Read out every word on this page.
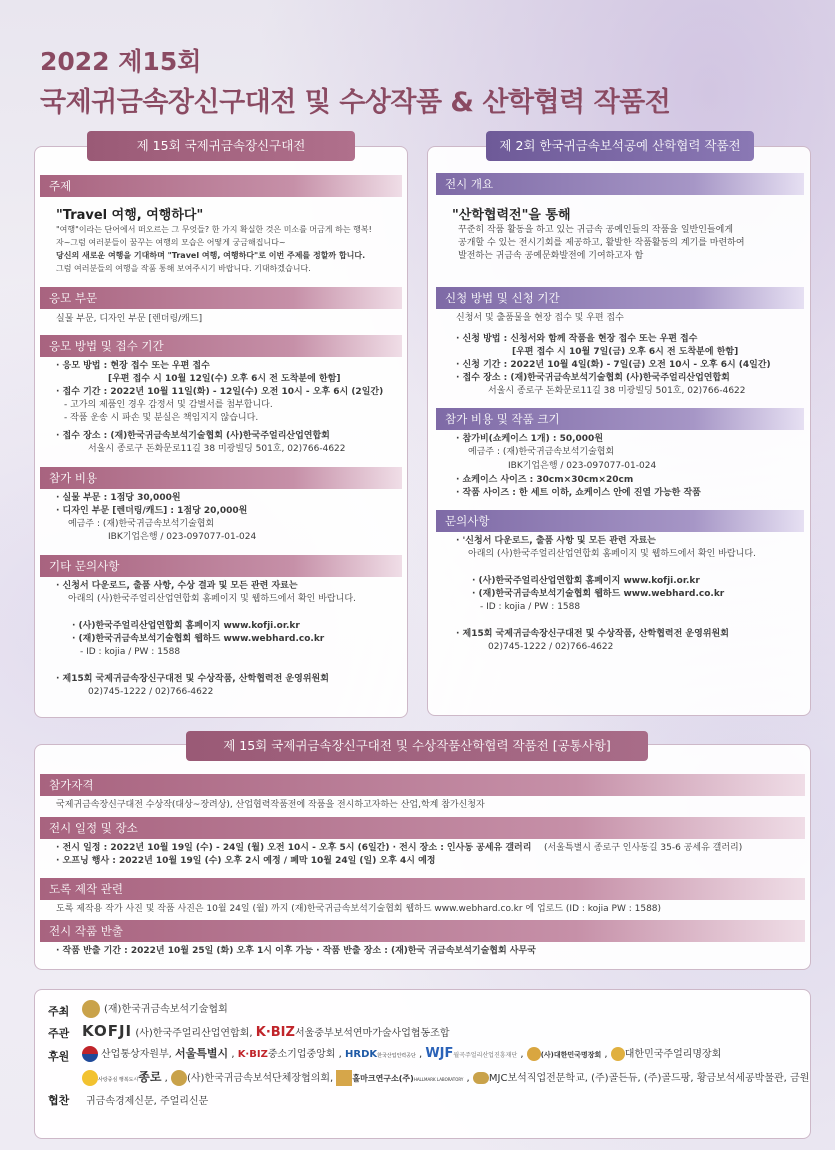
2022 제15회
국제귀금속장신구대전 및 수상작품 & 산학협력 작품전
제 15회 국제귀금속장신구대전
주제
"Travel 여행, 여행하다"
"여행"이라는 단어에서 떠오르는 그 무엇들? 한 가지 확실한 것은 미소를 머금게 하는 행복!
자~그럼 여러분들이 꿈꾸는 여행의 모습은 어떻게 궁금해집니다~
당신의 새로운 여행을 기대하며 "Travel 여행, 여행하다"로 이번 주제를 정할까 합니다.
그럼 여러분들의 여행을 작품 통해 보여주시기 바랍니다. 기대하겠습니다.
응모 부문
실물 부문, 디자인 부문 [렌더링/캐드]
응모 방법 및 접수 기간
· 응모 방법 : 현장 접수 또는 우편 접수
[우편 접수 시 10월 12일(수) 오후 6시 전 도착분에 한함]
· 접수 기간 : 2022년 10월 11일(화) - 12일(수) 오전 10시 - 오후 6시 (2일간)
- 고가의 제품인 경우 감정서 및 감별서를 첨부합니다.
- 작품 운송 시 파손 및 분실은 책임지지 않습니다.
· 접수 장소 : (재)한국귀금속보석기술협회 (사)한국주얼리산업연합회
서울시 종로구 돈화문로11길 38 미광빌딩 501호, 02)766-4622
참가 비용
· 실물 부문 : 1점당 30,000원
· 디자인 부문 [렌더링/캐드] : 1점당 20,000원
예금주 : (재)한국귀금속보석기술협회
IBK기업은행 / 023-097077-01-024
기타 문의사항
· 신청서 다운로드, 출품 사항, 수상 결과 및 모든 관련 자료는
아래의 (사)한국주얼리산업연합회 홈페이지 및 웹하드에서 확인 바랍니다.
· (사)한국주얼리산업연합회 홈페이지 www.kofji.or.kr
· (재)한국귀금속보석기술협회 웹하드 www.webhard.co.kr
- ID : kojia / PW : 1588
· 제15회 국제귀금속장신구대전 및 수상작품, 산학협력전 운영위원회
02)745-1222 / 02)766-4622
제 2회 한국귀금속보석공예 산학협력 작품전
전시 개요
"산학협력전"을 통해
꾸준히 작품 활동을 하고 있는 귀금속 공예인들의 작품을 일반인들에게
공개할 수 있는 전시기회를 제공하고, 활발한 작품활동의 계기를 마련하여
발전하는 귀금속 공예문화발전에 기여하고자 함
신청 방법 및 신청 기간
신청서 및 출품물을 현장 접수 및 우편 접수
· 신청 방법 : 신청서와 함께 작품을 현장 접수 또는 우편 접수
[우편 접수 시 10월 7일(금) 오후 6시 전 도착분에 한함]
· 신청 기간 : 2022년 10월 4일(화) - 7일(금) 오전 10시 - 오후 6시 (4일간)
· 접수 장소 : (재)한국귀금속보석기술협회 (사)한국주얼리산업연합회
서울시 종로구 돈화문로11길 38 미광빌딩 501호, 02)766-4622
참가 비용 및 작품 크기
· 참가비(쇼케이스 1개) : 50,000원
예금주 : (재)한국귀금속보석기술협회
IBK기업은행 / 023-097077-01-024
· 쇼케이스 사이즈 : 30cm×30cm×20cm
· 작품 사이즈 : 한 세트 이하, 쇼케이스 안에 진열 가능한 작품
문의사항
· '신청서 다운로드, 출품 사항 및 모든 관련 자료는
아래의 (사)한국주얼리산업연합회 홈페이지 및 웹하드에서 확인 바랍니다.
· (사)한국주얼리산업연합회 홈페이지 www.kofji.or.kr
· (재)한국귀금속보석기술협회 웹하드 www.webhard.co.kr
- ID : kojia / PW : 1588
· 제15회 국제귀금속장신구대전 및 수상작품, 산학협력전 운영위원회
02)745-1222 / 02)766-4622
제 15회 국제귀금속장신구대전 및 수상작품산학협력 작품전 [공통사항]
참가자격
국제귀금속장신구대전 수상작(대상~장려상), 산업협력작품전에 작품을 전시하고자하는 산업,학계 참가신청자
전시 일정 및 장소
· 전시 일정 : 2022년 10월 19일 (수) - 24일 (월) 오전 10시 - 오후 5시 (6일간) · 전시 장소 : 인사동 공세유 갤러리 (서울특별시 종로구 인사동길 35-6 공세유 갤러리)
· 오프닝 행사 : 2022년 10월 19일 (수) 오후 2시 예정 / 폐막 10월 24일 (일) 오후 4시 예정
도록 제작 관련
도록 제작용 작가 사진 및 작품 사진은 10월 24일 (월) 까지 (재)한국귀금속보석기술협회 웹하드 www.webhard.co.kr 에 업로드 (ID : kojia PW : 1588)
전시 작품 반출
· 작품 반출 기간 : 2022년 10월 25일 (화) 오후 1시 이후 가능 · 작품 반출 장소 : (재)한국 귀금속보석기술협회 사무국
주최	(재)한국귀금속보석기술협회
주관 KOFJI (사)한국주얼리산업연합회, K·BIZ서울중부보석연마가술사업협동조합
후원	산업통상자원부, 서울특별시 , K·BIZ중소기업중앙회 , HRDK한국산업인력공단 , WJF월곡주얼리산업진흥재단 , (사)대한민국명장회 , 대한민국주얼리명장회
사랑중심 행복도시종로 , (사)한국귀금속보석단체장협의회, 홀마크연구소(주)HALLMARK LABORATORY , MJC보석직업전문학교, (주)골든듀, (주)골드팡, 황금보석세공박물관, 금원
협찬 귀금속경제신문, 주얼리신문
